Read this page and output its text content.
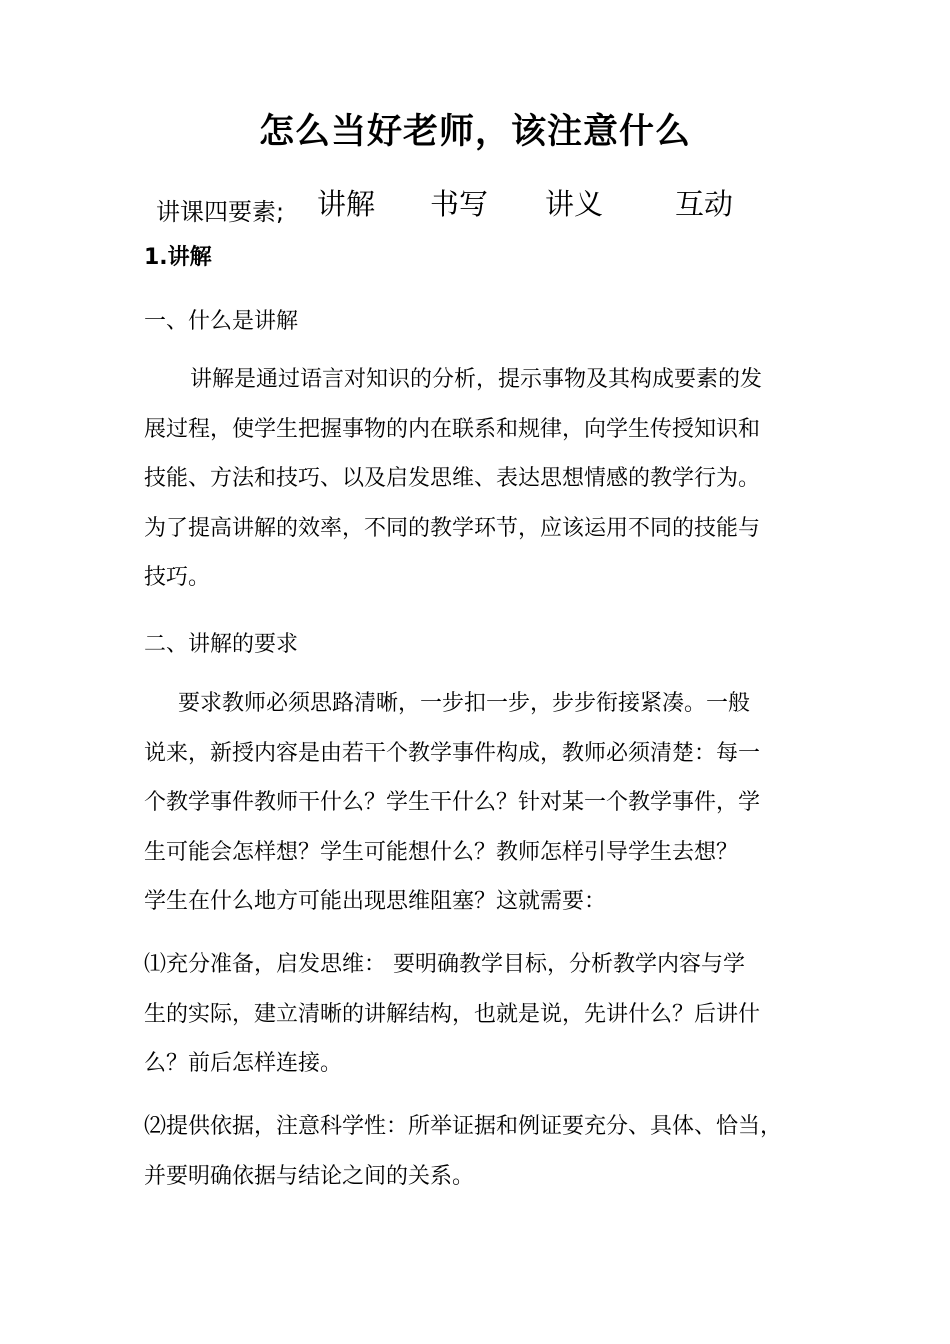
怎么当好老师，该注意什么
讲课四要素; 讲解 书写 讲义 互动
1.讲解
一、什么是讲解
讲解是通过语言对知识的分析，提示事物及其构成要素的发
展过程，使学生把握事物的内在联系和规律，向学生传授知识和
技能、方法和技巧、以及启发思维、表达思想情感的教学行为。
为了提高讲解的效率，不同的教学环节，应该运用不同的技能与
技巧。
二、讲解的要求
要求教师必须思路清晰，一步扣一步，步步衔接紧凑。一般
说来，新授内容是由若干个教学事件构成，教师必须清楚：每一
个教学事件教师干什么？学生干什么？针对某一个教学事件，学
生可能会怎样想？学生可能想什么？教师怎样引导学生去想？
学生在什么地方可能出现思维阻塞？这就需要：
⑴充分准备，启发思维： 要明确教学目标，分析教学内容与学
生的实际，建立清晰的讲解结构，也就是说，先讲什么？后讲什
么？前后怎样连接。
⑵提供依据，注意科学性：所举证据和例证要充分、具体、恰当，
并要明确依据与结论之间的关系。
